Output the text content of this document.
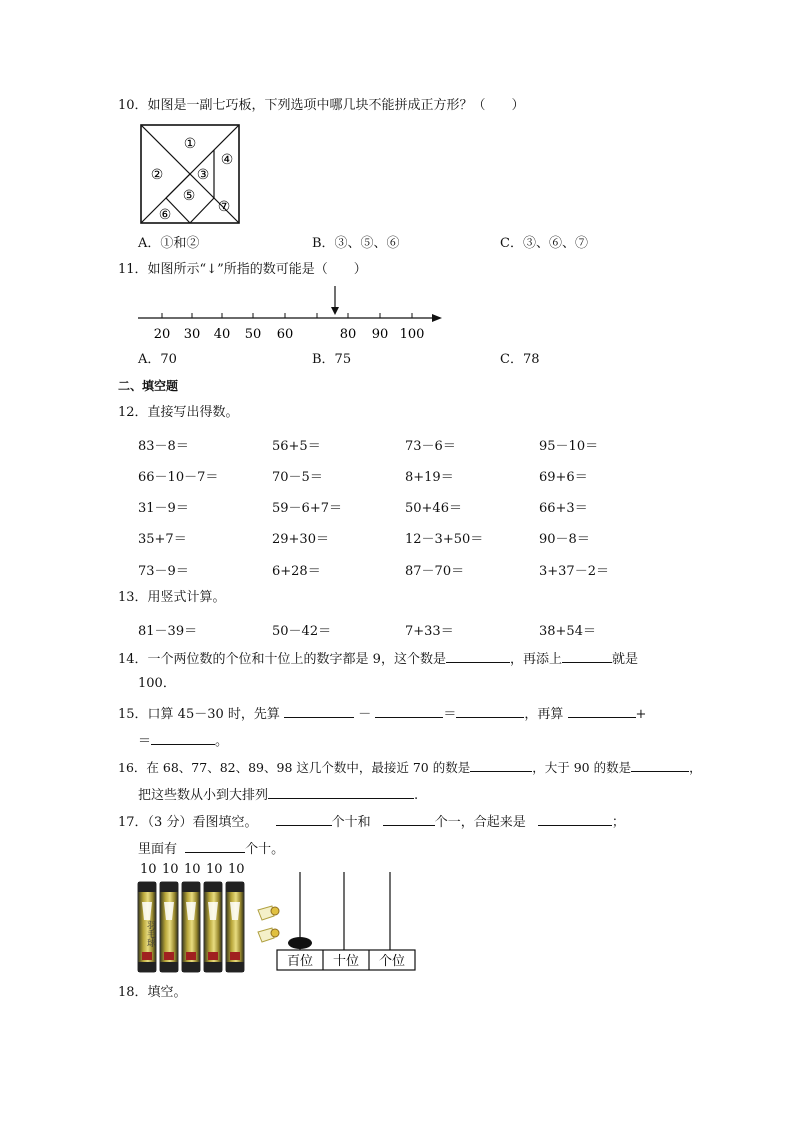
10．如图是一副七巧板，下列选项中哪几块不能拼成正方形？（　　）
①
② ③
④
⑤
⑥	⑦
A．①和②	B．③、⑤、⑥	C．③、⑥、⑦
11．如图所示“↓”所指的数可能是（　　）
20 30 40 50 60	80 90 100
A．70	B．75	C．78
二、填空题
12．直接写出得数。
83－8＝	56+5＝	73－6＝	95－10＝
66－10－7＝	70－5＝	8+19＝	69+6＝
31－9＝	59－6+7＝	50+46＝	66+3＝
35+7＝	29+30＝	12－3+50＝	90－8＝
73－9＝	6+28＝	87－70＝	3+37－2＝
13．用竖式计算。
81－39＝	50－42＝	7+33＝	38+54＝
14．一个两位数的个位和十位上的数字都是 9，这个数是	，再添上	就是
100．
15．口算 45－30 时，先算	－	＝	，再算	+
＝	。
16．在 68、77、82、89、98 这几个数中，最接近 70 的数是	，大于 90 的数是	，
把这些数从小到大排列	.
17．（3 分）看图填空。	个十和	个一，合起来是	；
里面有	个十。
10 10 10 10 10
羽毛球
百位 十位 个位
18．填空。
